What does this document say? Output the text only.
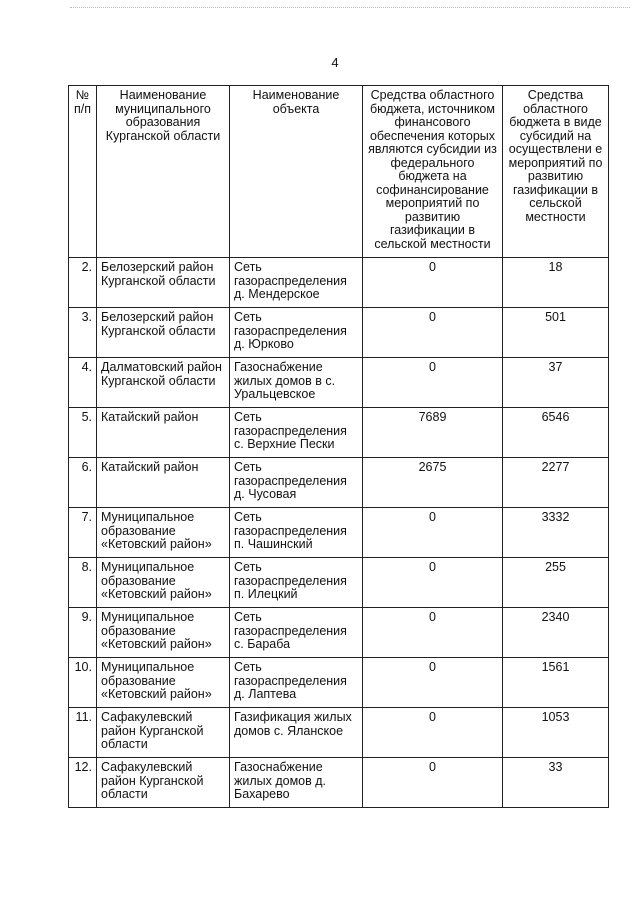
4
№ п/п	Наименование муниципального образования Курганской области	Наименование объекта	Средства областного бюджета, источником финансового обеспечения которых являются субсидии из федерального бюджета на софинансирование мероприятий по развитию газификации в сельской местности	Средства областного бюджета в виде субсидий на осуществлени е мероприятий по развитию газификации в сельской местности
2.	Белозерский район Курганской области	Сеть газораспределения д. Мендерское	0	18
3.	Белозерский район Курганской области	Сеть газораспределения д. Юрково	0	501
4.	Далматовский район Курганской области	Газоснабжение жилых домов в с. Уральцевское	0	37
5.	Катайский район	Сеть газораспределения с. Верхние Пески	7689	6546
6.	Катайский район	Сеть газораспределения д. Чусовая	2675	2277
7.	Муниципальное образование «Кетовский район»	Сеть газораспределения п. Чашинский	0	3332
8.	Муниципальное образование «Кетовский район»	Сеть газораспределения п. Илецкий	0	255
9.	Муниципальное образование «Кетовский район»	Сеть газораспределения с. Бараба	0	2340
10.	Муниципальное образование «Кетовский район»	Сеть газораспределения д. Лаптева	0	1561
11.	Сафакулевский район Курганской области	Газификация жилых домов с. Яланское	0	1053
12.	Сафакулевский район Курганской области	Газоснабжение жилых домов д. Бахарево	0	33
